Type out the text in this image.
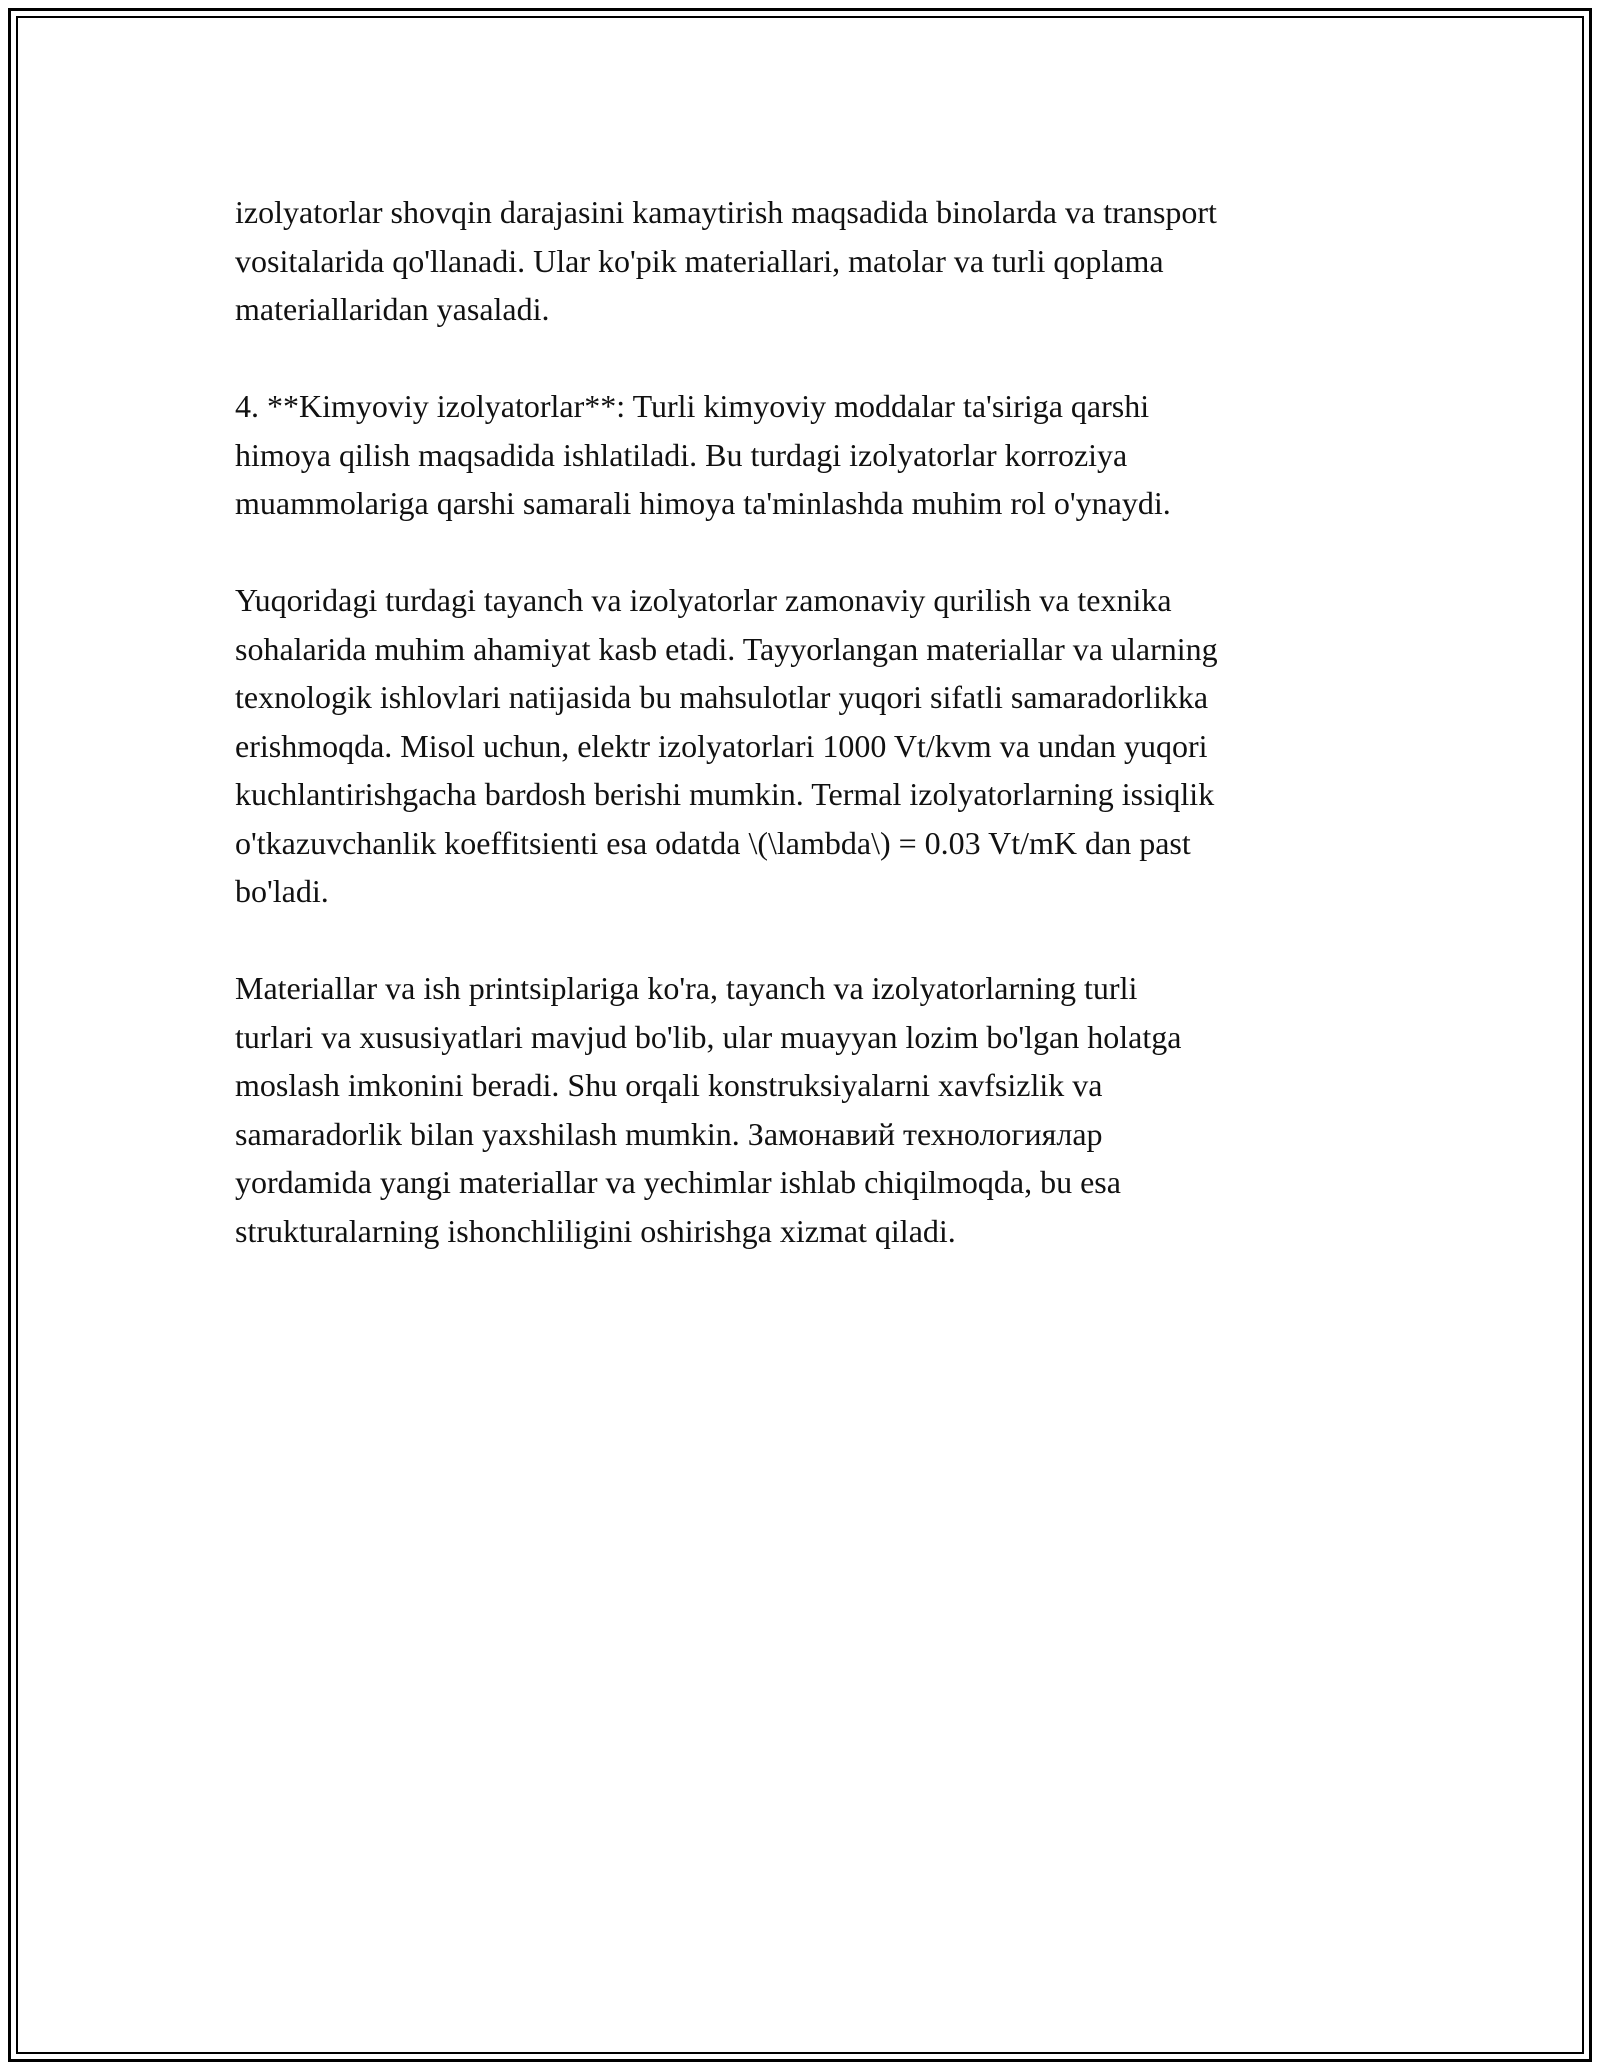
izolyatorlar shovqin darajasini kamaytirish maqsadida binolarda va transport
vositalarida qo'llanadi. Ular ko'pik materiallari, matolar va turli qoplama
materiallaridan yasaladi.

4. **Kimyoviy izolyatorlar**: Turli kimyoviy moddalar ta'siriga qarshi
himoya qilish maqsadida ishlatiladi. Bu turdagi izolyatorlar korroziya
muammolariga qarshi samarali himoya ta'minlashda muhim rol o'ynaydi.

Yuqoridagi turdagi tayanch va izolyatorlar zamonaviy qurilish va texnika
sohalarida muhim ahamiyat kasb etadi. Tayyorlangan materiallar va ularning
texnologik ishlovlari natijasida bu mahsulotlar yuqori sifatli samaradorlikka
erishmoqda. Misol uchun, elektr izolyatorlari 1000 Vt/kvm va undan yuqori
kuchlantirishgacha bardosh berishi mumkin. Termal izolyatorlarning issiqlik
o'tkazuvchanlik koeffitsienti esa odatda \(\lambda\) = 0.03 Vt/mK dan past
bo'ladi.

Materiallar va ish printsiplariga ko'ra, tayanch va izolyatorlarning turli
turlari va xususiyatlari mavjud bo'lib, ular muayyan lozim bo'lgan holatga
moslash imkonini beradi. Shu orqali konstruksiyalarni xavfsizlik va
samaradorlik bilan yaxshilash mumkin. Замонавий технологиялар
yordamida yangi materiallar va yechimlar ishlab chiqilmoqda, bu esa
strukturalarning ishonchliligini oshirishga xizmat qiladi.
